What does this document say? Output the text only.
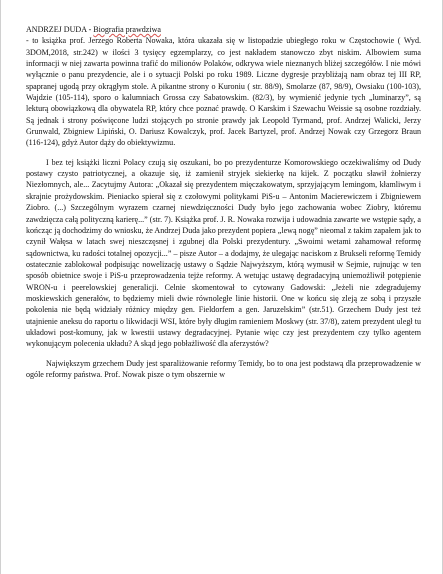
ANDRZEJ DUDA - Biografia prawdziwa

- to książka prof. Jerzego Roberta Nowaka, która ukazała się w listopadzie ubiegłego roku w Częstochowie ( Wyd. 3DOM,2018, str.242) w ilości 3 tysięcy egzemplarzy, co jest nakładem stanowczo zbyt niskim. Albowiem suma informacji w niej zawarta powinna trafić do milionów Polaków, odkrywa wiele nieznanych bliżej szczegółów. I nie mówi wyłącznie o panu prezydencie, ale i o sytuacji Polski po roku 1989. Liczne dygresje przybliżają nam obraz tej III RP, spapranej ugodą przy okrągłym stole. A pikantne strony o Kuroniu ( str. 88/9), Smolarze (87, 98/9), Owsiaku (100-103), Wajdzie (105-114), sporo o kalumniach Grossa czy Sabatowskim. (82/3), by wymienić jedynie tych „luminarzy”, są lekturą obowiązkową dla obywatela RP, który chce poznać prawdę. O Karskim i Szewachu Weissie są osobne rozdziały. Są jednak i strony poświęcone ludzi stojących po stronie prawdy jak Leopold Tyrmand, prof. Andrzej Walicki, Jerzy Grunwald, Zbigniew Lipiński, O. Dariusz Kowalczyk, prof. Jacek Bartyzel, prof. Andrzej Nowak czy Grzegorz Braun (116-124), gdyż Autor dąży do obiektywizmu.

I bez tej książki liczni Polacy czują się oszukani, bo po prezydenturze Komorowskiego oczekiwaliśmy od Dudy postawy czysto patriotycznej, a okazuje się, iż zamienił stryjek siekierkę na kijek. Z początku sławił żołnierzy Niezłomnych, ale... Zacytujmy Autora: „Okazał się prezydentem mięczakowatym, sprzyjającym lemingom, kłamliwym i skrajnie prożydowskim. Pieniacko spierał się z czołowymi politykami PiS-u – Antonim Macierewiczem i Zbigniewem Ziobro. (...) Szczególnym wyrazem czarnej niewdzięczności Dudy było jego zachowania wobec Ziobry, któremu zawdzięcza całą polityczną karierę...” (str. 7). Książka prof. J. R. Nowaka rozwija i udowadnia zawarte we wstępie sądy, a kończąc ją dochodzimy do wniosku, że Andrzej Duda jako prezydent popiera „lewą nogę” nieomal z takim zapałem jak to czynił Wałęsa w latach swej nieszczęsnej i zgubnej dla Polski prezydentury. „Swoimi wetami zahamował reformę sądownictwa, ku radości totalnej opozycji...” – pisze Autor – a dodajmy, że ulegając naciskom z Brukseli reformę Temidy ostatecznie zablokował podpisując nowelizację ustawy o Sądzie Najwyższym, którą wymusił w Sejmie, rujnując w ten sposób obietnice swoje i PiS-u przeprowadzenia tejże reformy. A wetując ustawę degradacyjną uniemożliwił potępienie WRON-u i peerelowskiej generalicji. Celnie skomentował to cytowany Gadowski: „Jeżeli nie zdegradujemy moskiewskich generałów, to będziemy mieli dwie równoległe linie historii. One w końcu się zleją ze sobą i przyszłe pokolenia nie będą widziały różnicy między gen. Fieldorfem a gen. Jaruzelskim” (str.51). Grzechem Dudy jest też utajnienie aneksu do raportu o likwidacji WSI, które były długim ramieniem Moskwy (str. 37/8), zatem prezydent uległ tu układowi post-komuny, jak w kwestii ustawy degradacyjnej. Pytanie więc czy jest prezydentem czy tylko agentem wykonującym polecenia układu? A skąd jego pobłażliwość dla aferzystów?

Największym grzechem Dudy jest sparaliżowanie reformy Temidy, bo to ona jest podstawą dla przeprowadzenie w ogóle reformy państwa. Prof. Nowak pisze o tym obszernie w
